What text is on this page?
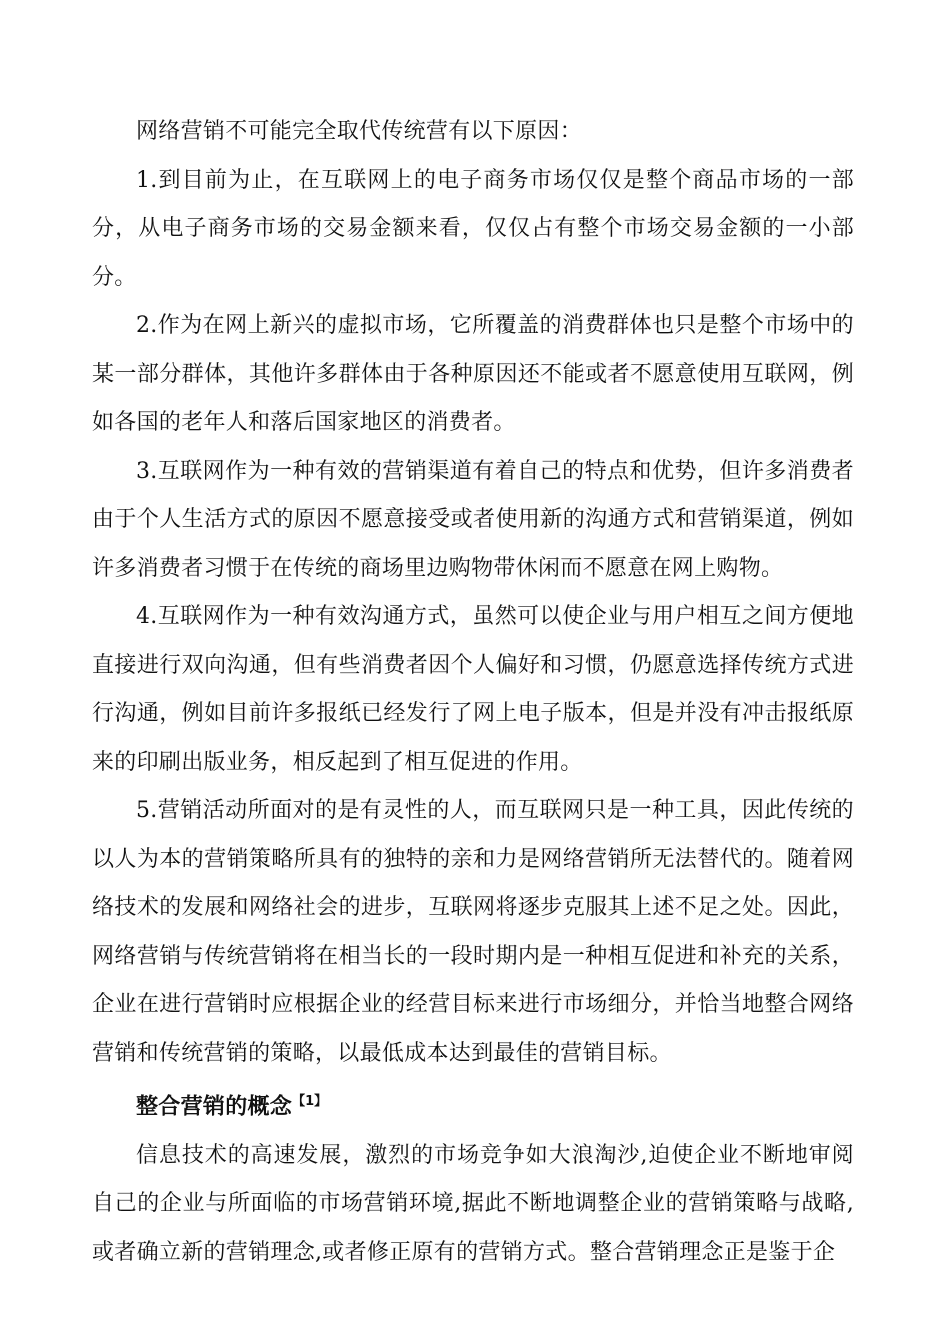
网络营销不可能完全取代传统营有以下原因：

1.到目前为止，在互联网上的电子商务市场仅仅是整个商品市场的一部分，从电子商务市场的交易金额来看，仅仅占有整个市场交易金额的一小部分。

2.作为在网上新兴的虚拟市场，它所覆盖的消费群体也只是整个市场中的某一部分群体，其他许多群体由于各种原因还不能或者不愿意使用互联网，例如各国的老年人和落后国家地区的消费者。

3.互联网作为一种有效的营销渠道有着自己的特点和优势，但许多消费者由于个人生活方式的原因不愿意接受或者使用新的沟通方式和营销渠道，例如许多消费者习惯于在传统的商场里边购物带休闲而不愿意在网上购物。

4.互联网作为一种有效沟通方式，虽然可以使企业与用户相互之间方便地直接进行双向沟通，但有些消费者因个人偏好和习惯，仍愿意选择传统方式进行沟通，例如目前许多报纸已经发行了网上电子版本，但是并没有冲击报纸原来的印刷出版业务，相反起到了相互促进的作用。

5.营销活动所面对的是有灵性的人，而互联网只是一种工具，因此传统的以人为本的营销策略所具有的独特的亲和力是网络营销所无法替代的。随着网络技术的发展和网络社会的进步，互联网将逐步克服其上述不足之处。因此，网络营销与传统营销将在相当长的一段时期内是一种相互促进和补充的关系，企业在进行营销时应根据企业的经营目标来进行市场细分，并恰当地整合网络营销和传统营销的策略，以最低成本达到最佳的营销目标。

整合营销的概念$^{【1】}$

信息技术的高速发展，激烈的市场竞争如大浪淘沙,迫使企业不断地审阅自己的企业与所面临的市场营销环境,据此不断地调整企业的营销策略与战略,或者确立新的营销理念,或者修正原有的营销方式。整合营销理念正是鉴于企
